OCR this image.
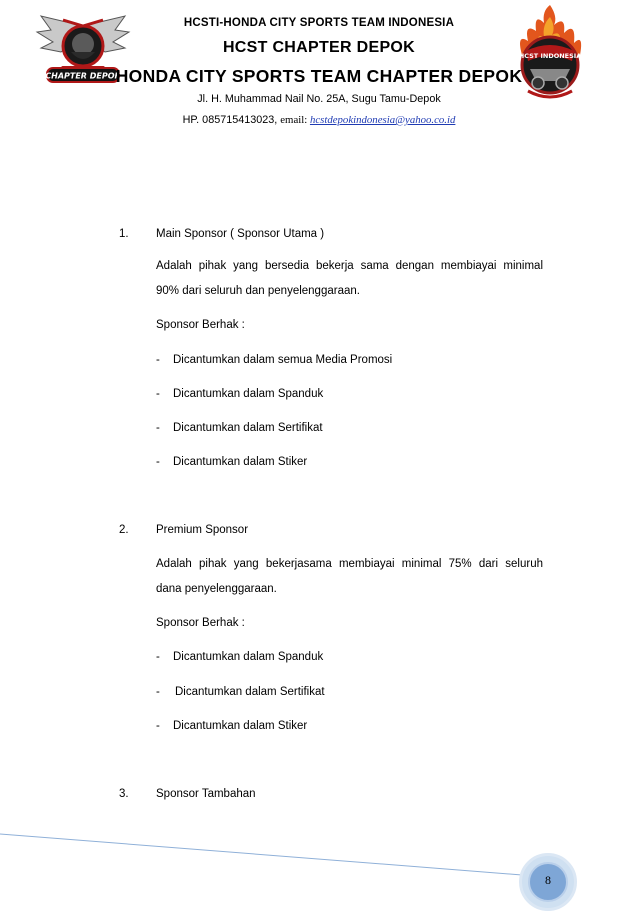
CHAPTER DEPOK
HCST INDONESIA
HCSTI-HONDA CITY SPORTS TEAM INDONESIA
HCST CHAPTER DEPOK
HONDA CITY SPORTS TEAM CHAPTER DEPOK
Jl. H. Muhammad Nail No. 25A, Sugu Tamu-Depok
HP. 085715413023, email: hcstdepokindonesia@yahoo.co.id
1. Main Sponsor ( Sponsor Utama )
Adalah pihak yang bersedia bekerja sama dengan membiayai minimal
90% dari seluruh dan penyelenggaraan.
Sponsor Berhak :
- Dicantumkan dalam semua Media Promosi
- Dicantumkan dalam Spanduk
- Dicantumkan dalam Sertifikat
- Dicantumkan dalam Stiker
2. Premium Sponsor
Adalah pihak yang bekerjasama membiayai minimal 75% dari seluruh
dana penyelenggaraan.
Sponsor Berhak :
- Dicantumkan dalam Spanduk
- Dicantumkan dalam Sertifikat
- Dicantumkan dalam Stiker
3. Sponsor Tambahan
8
